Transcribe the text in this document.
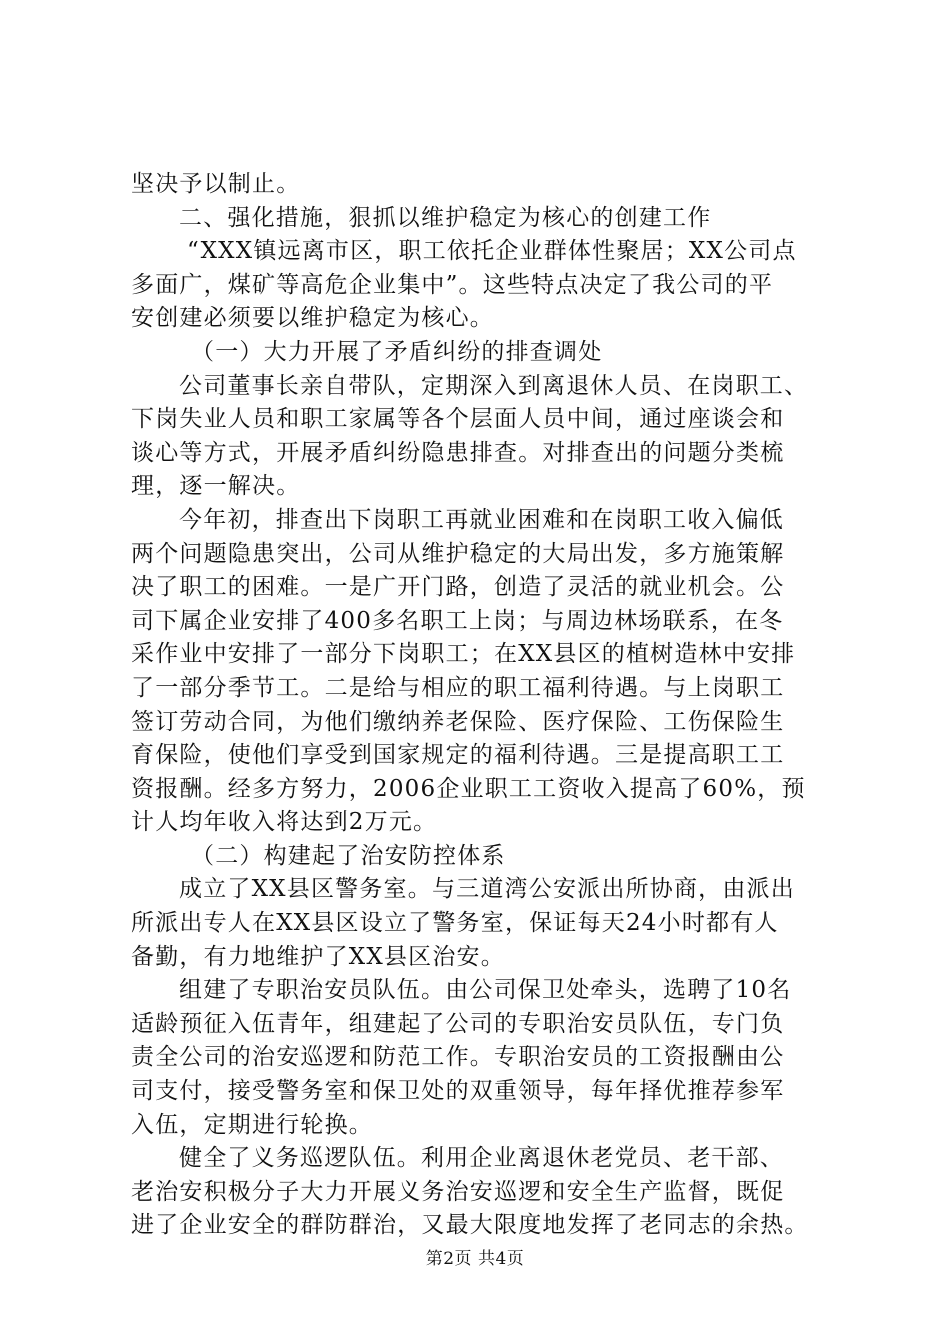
坚决予以制止。
二、强化措施，狠抓以维护稳定为核心的创建工作
“XXX镇远离市区，职工依托企业群体性聚居；XX公司点
多面广，煤矿等高危企业集中”。这些特点决定了我公司的平
安创建必须要以维护稳定为核心。
（一）大力开展了矛盾纠纷的排查调处
公司董事长亲自带队，定期深入到离退休人员、在岗职工、
下岗失业人员和职工家属等各个层面人员中间，通过座谈会和
谈心等方式，开展矛盾纠纷隐患排查。对排查出的问题分类梳
理，逐一解决。
今年初，排查出下岗职工再就业困难和在岗职工收入偏低
两个问题隐患突出，公司从维护稳定的大局出发，多方施策解
决了职工的困难。一是广开门路，创造了灵活的就业机会。公
司下属企业安排了400多名职工上岗；与周边林场联系，在冬
采作业中安排了一部分下岗职工；在XX县区的植树造林中安排
了一部分季节工。二是给与相应的职工福利待遇。与上岗职工
签订劳动合同，为他们缴纳养老保险、医疗保险、工伤保险生
育保险，使他们享受到国家规定的福利待遇。三是提高职工工
资报酬。经多方努力，2006企业职工工资收入提高了60%，预
计人均年收入将达到2万元。
（二）构建起了治安防控体系
成立了XX县区警务室。与三道湾公安派出所协商，由派出
所派出专人在XX县区设立了警务室，保证每天24小时都有人
备勤，有力地维护了XX县区治安。
组建了专职治安员队伍。由公司保卫处牵头，选聘了10名
适龄预征入伍青年，组建起了公司的专职治安员队伍，专门负
责全公司的治安巡逻和防范工作。专职治安员的工资报酬由公
司支付，接受警务室和保卫处的双重领导，每年择优推荐参军
入伍，定期进行轮换。
健全了义务巡逻队伍。利用企业离退休老党员、老干部、
老治安积极分子大力开展义务治安巡逻和安全生产监督，既促
进了企业安全的群防群治，又最大限度地发挥了老同志的余热。
第2页 共4页
